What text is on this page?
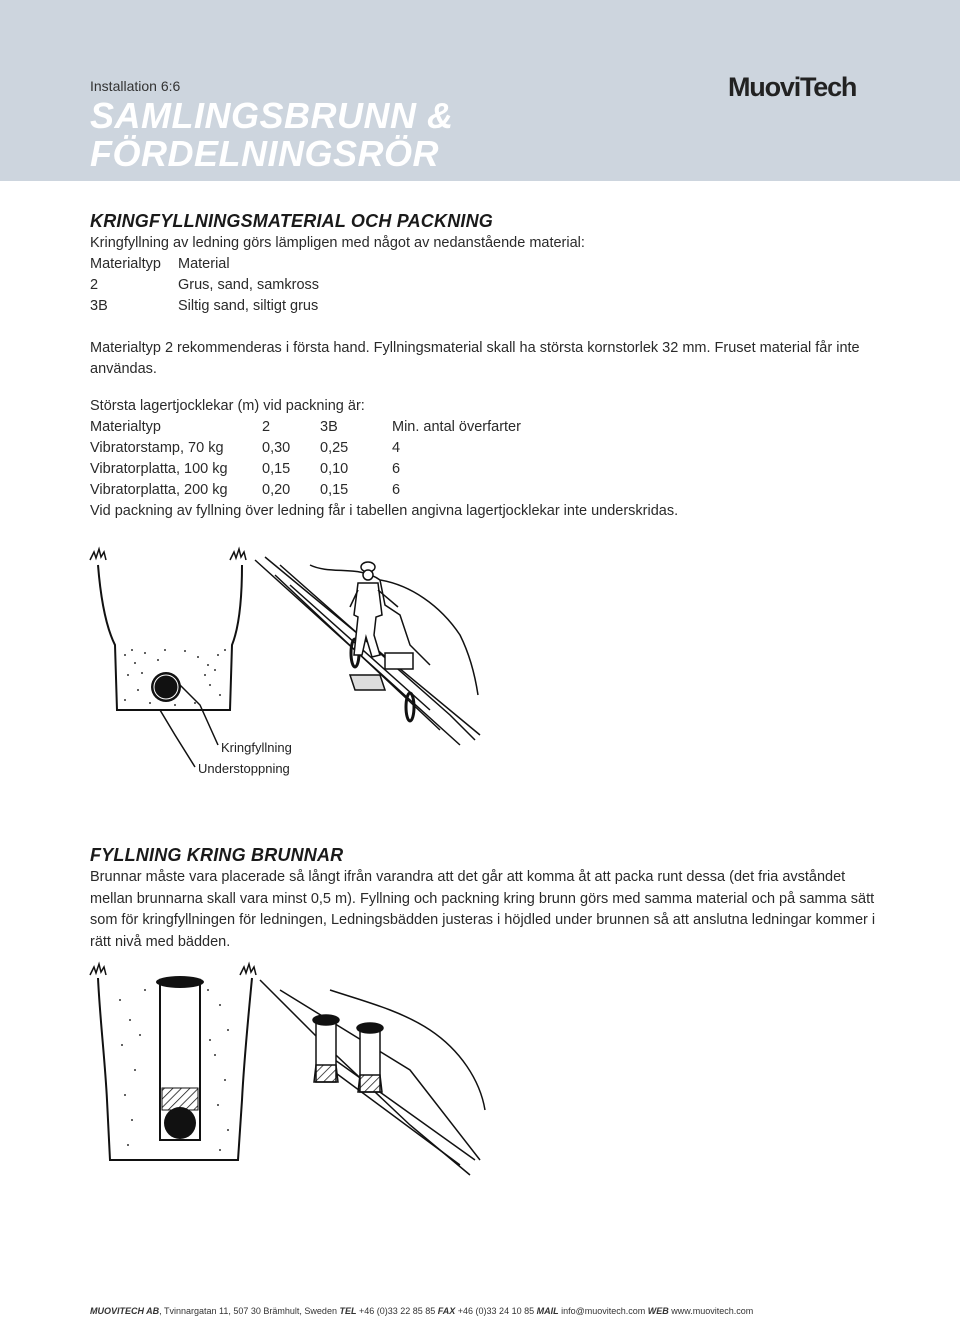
Installation 6:6
SAMLINGSBRUNN &
FÖRDELNINGSRÖR
MuoviTech
KRINGFYLLNINGSMATERIAL OCH PACKNING

Kringfyllning av ledning görs lämpligen med något av nedanstående material:

Materialtyp	Material
2	Grus, sand, samkross
3B	Siltig sand, siltigt grus

Materialtyp 2 rekommenderas i första hand. Fyllningsmaterial skall ha största kornstorlek 32 mm. Fruset material får inte användas.

Största lagertjocklekar (m) vid packning är:

Materialtyp	2	3B	Min. antal överfarter
Vibratorstamp, 70 kg	0,30	0,25	4
Vibratorplatta, 100 kg	0,15	0,10	6
Vibratorplatta, 200 kg	0,20	0,15	6

Vid packning av fyllning över ledning får i tabellen angivna lagertjocklekar inte underskridas.

Kringfyllning
Understoppning
FYLLNING KRING BRUNNAR

Brunnar måste vara placerade så långt ifrån varandra att det går att komma åt att packa runt dessa (det fria avståndet mellan brunnarna skall vara minst 0,5 m). Fyllning och packning kring brunn görs med samma material och på samma sätt som för kringfyllningen för ledningen, Ledningsbädden justeras i höjdled under brunnen så att anslutna ledningar kommer i rätt nivå med bädden.

MUOVITECH AB, Tvinnargatan 11, 507 30 Brämhult, Sweden TEL +46 (0)33 22 85 85 FAX +46 (0)33 24 10 85 MAIL info@muovitech.com WEB www.muovitech.com
